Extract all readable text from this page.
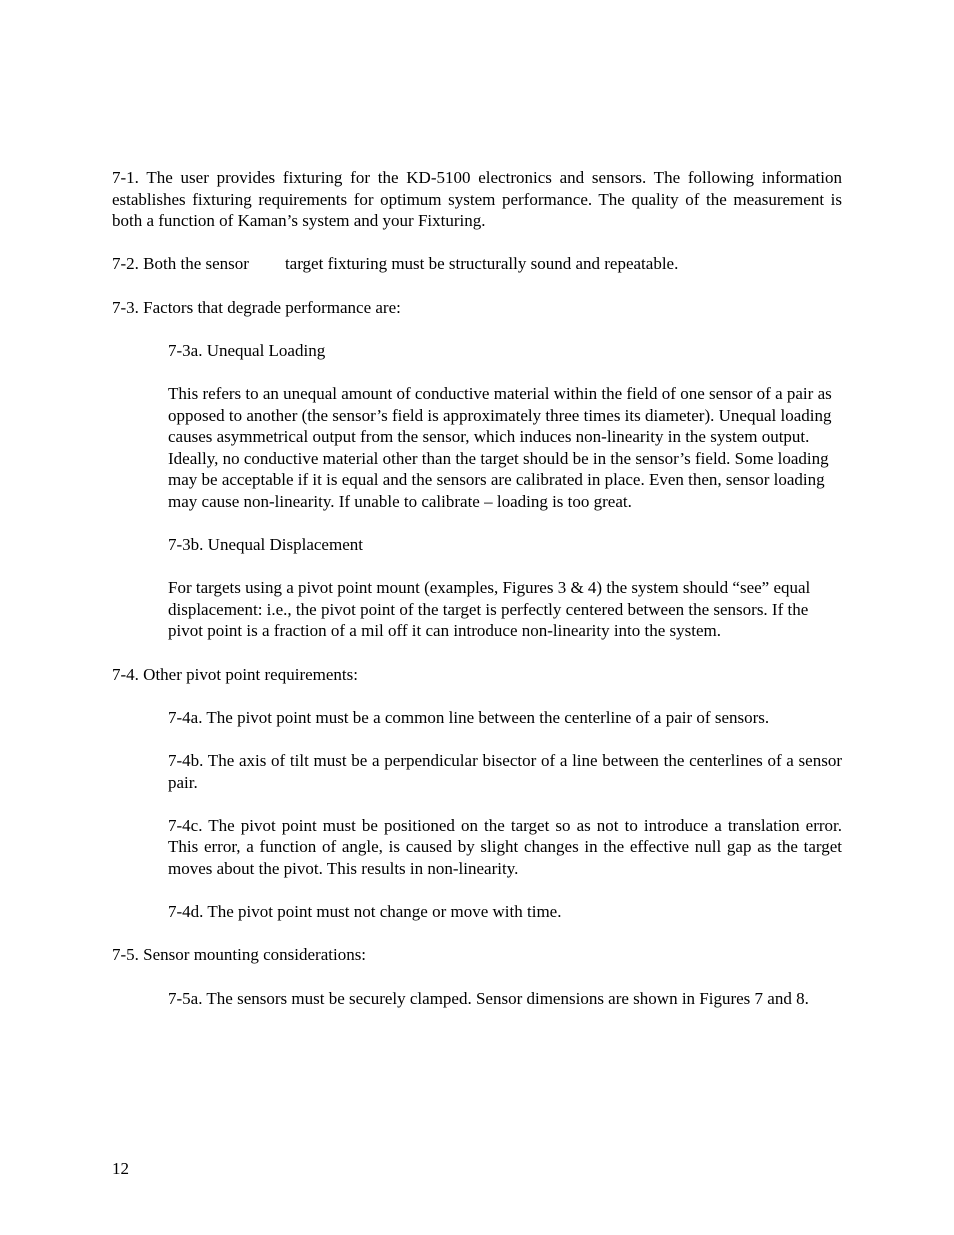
7-1. The user provides fixturing for the KD-5100 electronics and sensors. The following information establishes fixturing requirements for optimum system performance. The quality of the measurement is both a function of Kaman’s system and your Fixturing.

7-2. Both the sensor target fixturing must be structurally sound and repeatable.

7-3. Factors that degrade performance are:

7-3a. Unequal Loading

This refers to an unequal amount of conductive material within the field of one sensor of a pair as opposed to another (the sensor’s field is approximately three times its diameter). Unequal loading causes asymmetrical output from the sensor, which induces non-linearity in the system output. Ideally, no conductive material other than the target should be in the sensor’s field. Some loading may be acceptable if it is equal and the sensors are calibrated in place. Even then, sensor loading may cause non-linearity. If unable to calibrate – loading is too great.

7-3b. Unequal Displacement

For targets using a pivot point mount (examples, Figures 3 & 4) the system should “see” equal displacement: i.e., the pivot point of the target is perfectly centered between the sensors. If the pivot point is a fraction of a mil off it can introduce non-linearity into the system.

7-4. Other pivot point requirements:

7-4a. The pivot point must be a common line between the centerline of a pair of sensors.

7-4b. The axis of tilt must be a perpendicular bisector of a line between the centerlines of a sensor pair.

7-4c. The pivot point must be positioned on the target so as not to introduce a translation error. This error, a function of angle, is caused by slight changes in the effective null gap as the target moves about the pivot. This results in non-linearity.

7-4d. The pivot point must not change or move with time.

7-5. Sensor mounting considerations:

7-5a. The sensors must be securely clamped. Sensor dimensions are shown in Figures 7 and 8.

12
